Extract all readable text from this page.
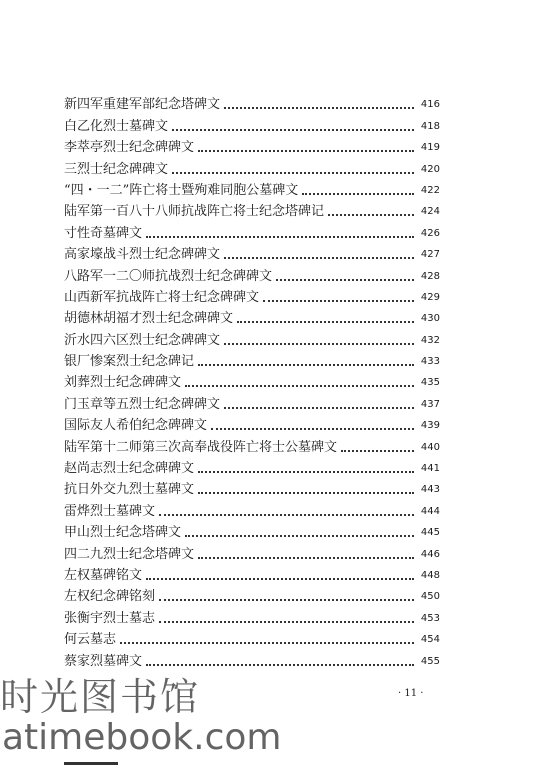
新四军重建军部纪念塔碑文	416
白乙化烈士墓碑文	418
李萃亭烈士纪念碑碑文	419
三烈士纪念碑碑文	420
“四・一二”阵亡将士暨殉难同胞公墓碑文	422
陆军第一百八十八师抗战阵亡将士纪念塔碑记	424
寸性奇墓碑文	426
高家壕战斗烈士纪念碑碑文	427
八路军一二〇师抗战烈士纪念碑碑文	428
山西新军抗战阵亡将士纪念碑碑文	429
胡德林胡福才烈士纪念碑碑文	430
沂水四六区烈士纪念碑碑文	432
银厂惨案烈士纪念碑记	433
刘葬烈士纪念碑碑文	435
门玉章等五烈士纪念碑碑文	437
国际友人希伯纪念碑碑文	439
陆军第十二师第三次高奉战役阵亡将士公墓碑文	440
赵尚志烈士纪念碑碑文	441
抗日外交九烈士墓碑文	443
雷烨烈士墓碑文	444
甲山烈士纪念塔碑文	445
四二九烈士纪念塔碑文	446
左权墓碑铭文	448
左权纪念碑铭刻	450
张衡宇烈士墓志	453
何云墓志	454
蔡家烈墓碑文	455
· 11 ·
时光图书馆
atimebook.com
